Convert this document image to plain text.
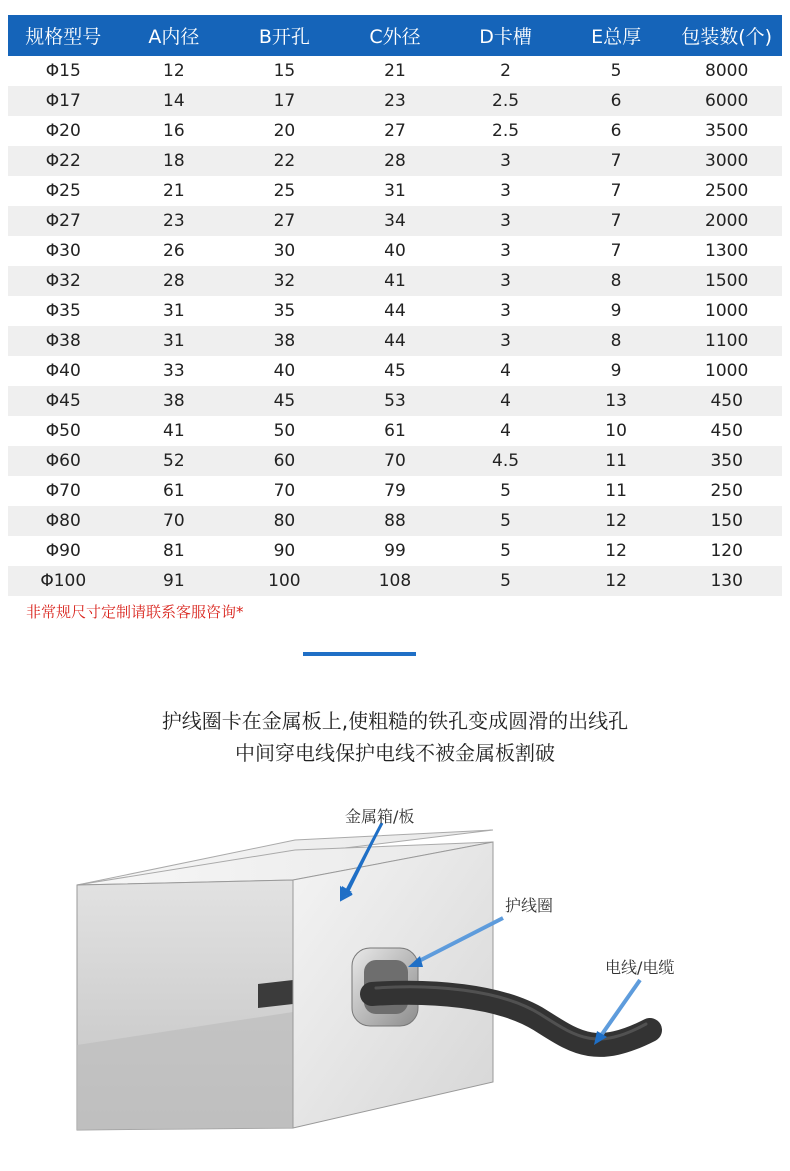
规格型号	A内径	B开孔	C外径	D卡槽	E总厚	包装数(个)
Φ15	12	15	21	2	5	8000
Φ17	14	17	23	2.5	6	6000
Φ20	16	20	27	2.5	6	3500
Φ22	18	22	28	3	7	3000
Φ25	21	25	31	3	7	2500
Φ27	23	27	34	3	7	2000
Φ30	26	30	40	3	7	1300
Φ32	28	32	41	3	8	1500
Φ35	31	35	44	3	9	1000
Φ38	31	38	44	3	8	1100
Φ40	33	40	45	4	9	1000
Φ45	38	45	53	4	13	450
Φ50	41	50	61	4	10	450
Φ60	52	60	70	4.5	11	350
Φ70	61	70	79	5	11	250
Φ80	70	80	88	5	12	150
Φ90	81	90	99	5	12	120
Φ100	91	100	108	5	12	130
非常规尺寸定制请联系客服咨询*
护线圈卡在金属板上,使粗糙的铁孔变成圆滑的出线孔
中间穿电线保护电线不被金属板割破
金属箱/板
护线圈
电线/电缆
